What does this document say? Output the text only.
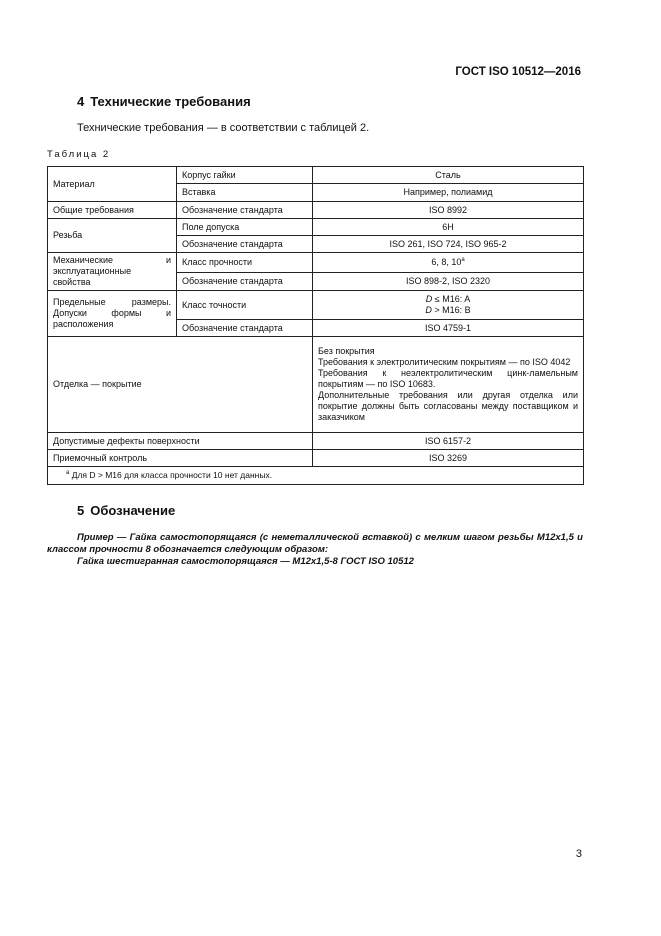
ГОСТ ISO 10512—2016
4 Технические требования
Технические требования — в соответствии с таблицей 2.
Таблица 2
Материал	Корпус гайки	Сталь
	Вставка	Например, полиамид
Общие требования	Обозначение стандарта	ISO 8992
Резьба	Поле допуска	6H
	Обозначение стандарта	ISO 261, ISO 724, ISO 965-2
Механические и эксплуатационные свойства	Класс прочности	6, 8, 10$^a$
	Обозначение стандарта	ISO 898-2, ISO 2320
Предельные размеры. Допуски формы и расположения	Класс точности	D ≤ M16: A
D > M16: B

	Обозначение стандарта	ISO 4759-1
Отделка — покрытие		Без покрытия
Требования к электролитическим покрытиям — по ISO 4042
Требования к неэлектролитическим цинк-ламельным покрытиям — по ISO 10683.
Дополнительные требования или другая отделка или покрытие должны быть согласованы между поставщиком и заказчиком

Допустимые дефекты поверхности		ISO 6157-2
Приемочный контроль		ISO 3269
$^a$ Для D > M16 для класса прочности 10 нет данных.		
5 Обозначение

Пример — Гайка самостопорящаяся (с неметаллической вставкой) с мелким шагом резьбы M12x1,5 и классом прочности 8 обозначается следующим образом:

Гайка шестигранная самостопорящаяся — M12x1,5-8 ГОСТ ISO 10512

3
